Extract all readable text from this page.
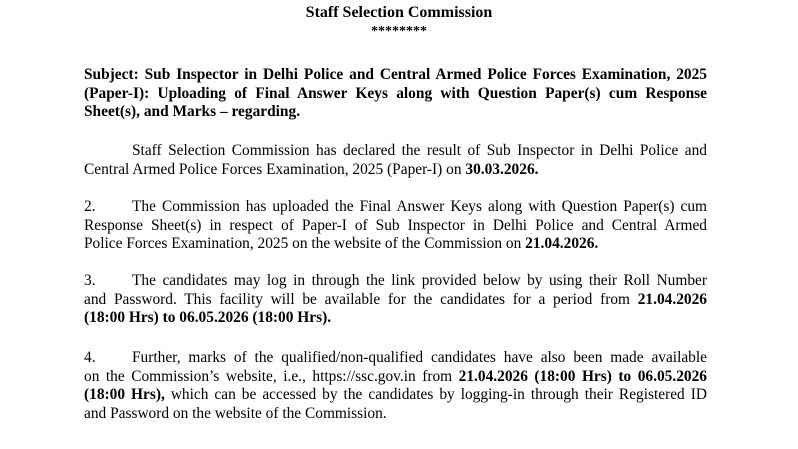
Staff Selection Commission
********
Subject: Sub Inspector in Delhi Police and Central Armed Police Forces Examination, 2025
(Paper-I): Uploading of Final Answer Keys along with Question Paper(s) cum Response
Sheet(s), and Marks – regarding.
Staff Selection Commission has declared the result of Sub Inspector in Delhi Police and
Central Armed Police Forces Examination, 2025 (Paper-I) on 30.03.2026.
2. The Commission has uploaded the Final Answer Keys along with Question Paper(s) cum
Response Sheet(s) in respect of Paper-I of Sub Inspector in Delhi Police and Central Armed
Police Forces Examination, 2025 on the website of the Commission on 21.04.2026.
3. The candidates may log in through the link provided below by using their Roll Number
and Password. This facility will be available for the candidates for a period from 21.04.2026
(18:00 Hrs) to 06.05.2026 (18:00 Hrs).
4. Further, marks of the qualified/non-qualified candidates have also been made available
on the Commission’s website, i.e., https://ssc.gov.in from 21.04.2026 (18:00 Hrs) to 06.05.2026
(18:00 Hrs), which can be accessed by the candidates by logging-in through their Registered ID
and Password on the website of the Commission.
